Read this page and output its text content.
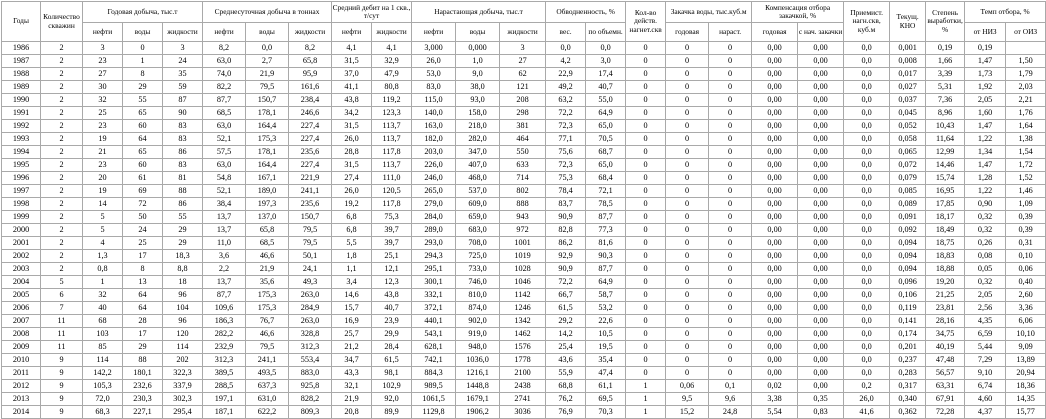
Годы	Количество скважин	Годовая добыча, тыс.т			Среднесуточная добыча в тоннах			Средний дебит на 1 скв., т/сут		Нарастающая добыча, тыс.т			Обводненность, %		Кол-во действ. нагнет.скв	Закачка воды, тыс.куб.м		Компенсация отбора закачкой, %		Приемист. нагн.скв, куб.м	Текущ. КНО	Степень выработки, %	Темп отбора, %	
		нефти	воды	жидкости	нефти	воды	жидкости	нефти	жидкости	нефти	воды	жидкости	вес.	по объемн.		годовая	нараст.	годовая	с нач. закачки				от НИЗ	от ОИЗ
1986	2	3	0	3	8,2	0,0	8,2	4,1	4,1	3,000	0,000	3	0,0	0,0	0	0	0	0,00	0,00	0,0	0,001	0,19	0,19	
1987	2	23	1	24	63,0	2,7	65,8	31,5	32,9	26,0	1,0	27	4,2	3,0	0	0	0	0,00	0,00	0,0	0,008	1,66	1,47	1,50
1988	2	27	8	35	74,0	21,9	95,9	37,0	47,9	53,0	9,0	62	22,9	17,4	0	0	0	0,00	0,00	0,0	0,017	3,39	1,73	1,79
1989	2	30	29	59	82,2	79,5	161,6	41,1	80,8	83,0	38,0	121	49,2	40,7	0	0	0	0,00	0,00	0,0	0,027	5,31	1,92	2,03
1990	2	32	55	87	87,7	150,7	238,4	43,8	119,2	115,0	93,0	208	63,2	55,0	0	0	0	0,00	0,00	0,0	0,037	7,36	2,05	2,21
1991	2	25	65	90	68,5	178,1	246,6	34,2	123,3	140,0	158,0	298	72,2	64,9	0	0	0	0,00	0,00	0,0	0,045	8,96	1,60	1,76
1992	2	23	60	83	63,0	164,4	227,4	31,5	113,7	163,0	218,0	381	72,3	65,0	0	0	0	0,00	0,00	0,0	0,052	10,43	1,47	1,64
1993	2	19	64	83	52,1	175,3	227,4	26,0	113,7	182,0	282,0	464	77,1	70,5	0	0	0	0,00	0,00	0,0	0,058	11,64	1,22	1,38
1994	2	21	65	86	57,5	178,1	235,6	28,8	117,8	203,0	347,0	550	75,6	68,7	0	0	0	0,00	0,00	0,0	0,065	12,99	1,34	1,54
1995	2	23	60	83	63,0	164,4	227,4	31,5	113,7	226,0	407,0	633	72,3	65,0	0	0	0	0,00	0,00	0,0	0,072	14,46	1,47	1,72
1996	2	20	61	81	54,8	167,1	221,9	27,4	111,0	246,0	468,0	714	75,3	68,4	0	0	0	0,00	0,00	0,0	0,079	15,74	1,28	1,52
1997	2	19	69	88	52,1	189,0	241,1	26,0	120,5	265,0	537,0	802	78,4	72,1	0	0	0	0,00	0,00	0,0	0,085	16,95	1,22	1,46
1998	2	14	72	86	38,4	197,3	235,6	19,2	117,8	279,0	609,0	888	83,7	78,5	0	0	0	0,00	0,00	0,0	0,089	17,85	0,90	1,09
1999	2	5	50	55	13,7	137,0	150,7	6,8	75,3	284,0	659,0	943	90,9	87,7	0	0	0	0,00	0,00	0,0	0,091	18,17	0,32	0,39
2000	2	5	24	29	13,7	65,8	79,5	6,8	39,7	289,0	683,0	972	82,8	77,3	0	0	0	0,00	0,00	0,0	0,092	18,49	0,32	0,39
2001	2	4	25	29	11,0	68,5	79,5	5,5	39,7	293,0	708,0	1001	86,2	81,6	0	0	0	0,00	0,00	0,0	0,094	18,75	0,26	0,31
2002	2	1,3	17	18,3	3,6	46,6	50,1	1,8	25,1	294,3	725,0	1019	92,9	90,3	0	0	0	0,00	0,00	0,0	0,094	18,83	0,08	0,10
2003	2	0,8	8	8,8	2,2	21,9	24,1	1,1	12,1	295,1	733,0	1028	90,9	87,7	0	0	0	0,00	0,00	0,0	0,094	18,88	0,05	0,06
2004	5	1	13	18	13,7	35,6	49,3	3,4	12,3	300,1	746,0	1046	72,2	64,9	0	0	0	0,00	0,00	0,0	0,096	19,20	0,32	0,40
2005	6	32	64	96	87,7	175,3	263,0	14,6	43,8	332,1	810,0	1142	66,7	58,7	0	0	0	0,00	0,00	0,0	0,106	21,25	2,05	2,60
2006	7	40	64	104	109,6	175,3	284,9	15,7	40,7	372,1	874,0	1246	61,5	53,2	0	0	0	0,00	0,00	0,0	0,119	23,81	2,56	3,36
2007	11	68	28	96	186,3	76,7	263,0	16,9	23,9	440,1	902,0	1342	29,2	22,6	0	0	0	0,00	0,00	0,0	0,141	28,16	4,35	6,06
2008	11	103	17	120	282,2	46,6	328,8	25,7	29,9	543,1	919,0	1462	14,2	10,5	0	0	0	0,00	0,00	0,0	0,174	34,75	6,59	10,10
2009	11	85	29	114	232,9	79,5	312,3	21,2	28,4	628,1	948,0	1576	25,4	19,5	0	0	0	0,00	0,00	0,0	0,201	40,19	5,44	9,09
2010	9	114	88	202	312,3	241,1	553,4	34,7	61,5	742,1	1036,0	1778	43,6	35,4	0	0	0	0,00	0,00	0,0	0,237	47,48	7,29	13,89
2011	9	142,2	180,1	322,3	389,5	493,5	883,0	43,3	98,1	884,3	1216,1	2100	55,9	47,4	0	0	0	0,00	0,00	0,0	0,283	56,57	9,10	20,94
2012	9	105,3	232,6	337,9	288,5	637,3	925,8	32,1	102,9	989,5	1448,8	2438	68,8	61,1	1	0,06	0,1	0,02	0,00	0,2	0,317	63,31	6,74	18,36
2013	9	72,0	230,3	302,3	197,1	631,0	828,2	21,9	92,0	1061,5	1679,1	2741	76,2	69,5	1	9,5	9,6	3,38	0,35	26,0	0,340	67,91	4,60	14,35
2014	9	68,3	227,1	295,4	187,1	622,2	809,3	20,8	89,9	1129,8	1906,2	3036	76,9	70,3	1	15,2	24,8	5,54	0,83	41,6	0,362	72,28	4,37	15,77
